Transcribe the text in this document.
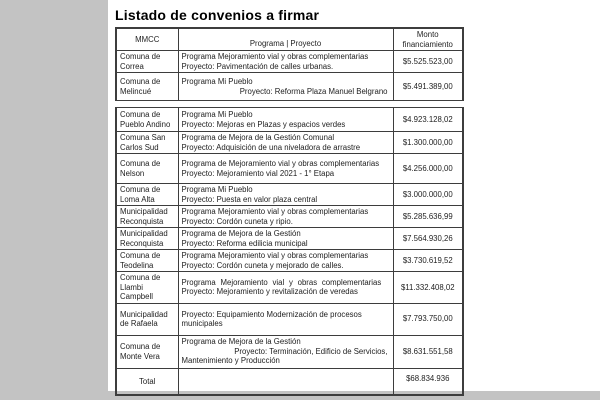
Listado de convenios a firmar
MMCC	Programa | Proyecto	Monto
financiamiento

Comuna de Correa	Programa Mejoramiento vial y obras complementarias
Proyecto: Pavimentación de calles urbanas.	$5.525.523,00
Comuna de Melincué	Programa Mi Pueblo
Proyecto: Reforma Plaza Manuel Belgrano	$5.491.389,00
Comuna de Pueblo Andino	Programa Mi Pueblo
Proyecto: Mejoras en Plazas y espacios verdes	$4.923.128,02
Comuna San Carlos Sud	Programa de Mejora de la Gestión Comunal
Proyecto: Adquisición de una niveladora de arrastre	$1.300.000,00
Comuna de Nelson	Programa de Mejoramiento vial y obras complementarias
Proyecto: Mejoramiento vial 2021 - 1° Etapa	$4.256.000,00
Comuna de Loma Alta	Programa Mi Pueblo
Proyecto: Puesta en valor plaza central	$3.000.000,00
Municipalidad Reconquista	Programa Mejoramiento vial y obras complementarias
Proyecto: Cordón cuneta y ripio.	$5.285.636,99
Municipalidad Reconquista	Programa de Mejora de la Gestión
Proyecto: Reforma edilicia municipal	$7.564.930,26
Comuna de Teodelina	Programa Mejoramiento vial y obras complementarias
Proyecto: Cordón cuneta y mejorado de calles.	$3.730.619,52
Comuna de Llambi Campbell	Programa Mejoramiento vial y obras complementarias
Proyecto: Mejoramiento y revitalización de veredas	$11.332.408,02
Municipalidad de Rafaela	Proyecto: Equipamiento Modernización de procesos
municipales	$7.793.750,00
Comuna de Monte Vera	Programa de Mejora de la Gestión
Proyecto: Terminación, Edificio de Servicios,
Mantenimiento y Producción	$8.631.551,58
Total		$68.834.936
